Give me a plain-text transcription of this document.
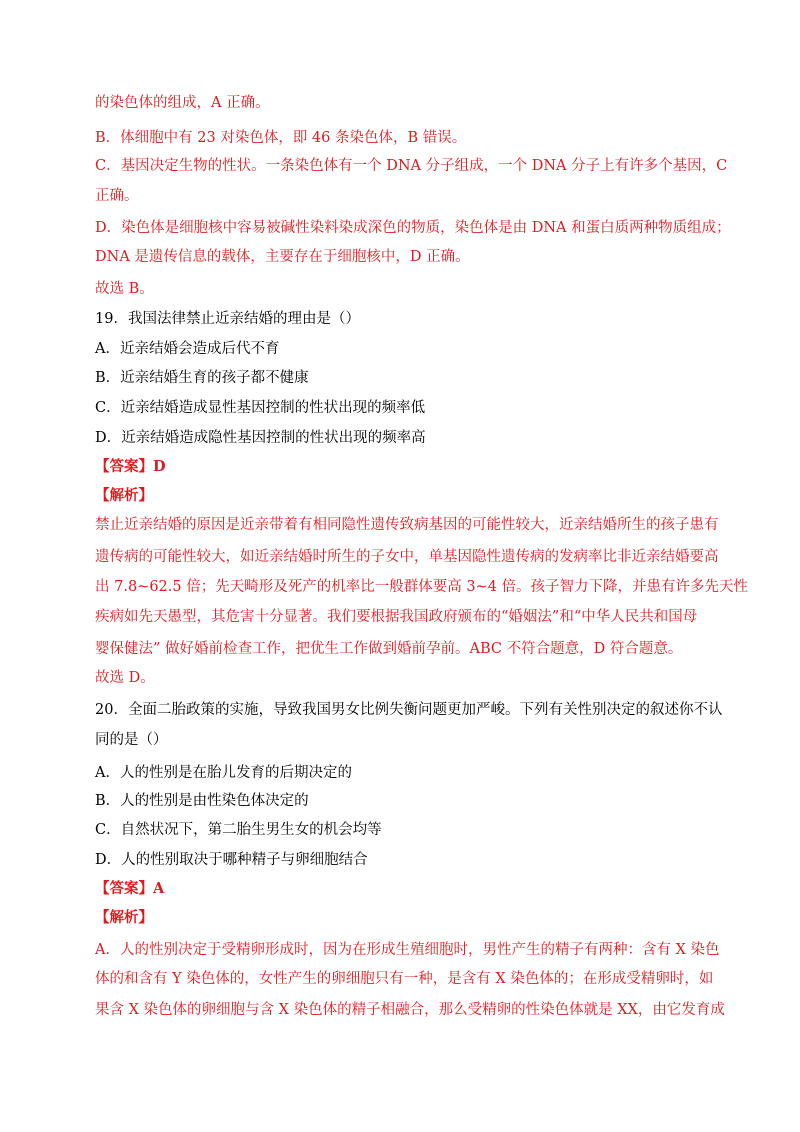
的染色体的组成，A 正确。
B．体细胞中有 23 对染色体，即 46 条染色体，B 错误。
C．基因决定生物的性状。一条染色体有一个 DNA 分子组成，一个 DNA 分子上有许多个基因，C
正确。
D．染色体是细胞核中容易被碱性染料染成深色的物质，染色体是由 DNA 和蛋白质两种物质组成；
DNA 是遗传信息的载体，主要存在于细胞核中，D 正确。
故选 B。
19．我国法律禁止近亲结婚的理由是（）
A．近亲结婚会造成后代不育
B．近亲结婚生育的孩子都不健康
C．近亲结婚造成显性基因控制的性状出现的频率低
D．近亲结婚造成隐性基因控制的性状出现的频率高
【答案】D
【解析】
禁止近亲结婚的原因是近亲带着有相同隐性遗传致病基因的可能性较大，近亲结婚所生的孩子患有
遗传病的可能性较大，如近亲结婚时所生的子女中，单基因隐性遗传病的发病率比非近亲结婚要高
出 7.8~62.5 倍；先天畸形及死产的机率比一般群体要高 3~4 倍。孩子智力下降，并患有许多先天性
疾病如先天愚型，其危害十分显著。我们要根据我国政府颁布的“婚姻法”和“中华人民共和国母
婴保健法” 做好婚前检查工作，把优生工作做到婚前孕前。ABC 不符合题意，D 符合题意。
故选 D。
20．全面二胎政策的实施，导致我国男女比例失衡问题更加严峻。下列有关性别决定的叙述你不认
同的是（）
A．人的性别是在胎儿发育的后期决定的
B．人的性别是由性染色体决定的
C．自然状况下，第二胎生男生女的机会均等
D．人的性别取决于哪种精子与卵细胞结合
【答案】A
【解析】
A．人的性别决定于受精卵形成时，因为在形成生殖细胞时，男性产生的精子有两种：含有 X 染色
体的和含有 Y 染色体的，女性产生的卵细胞只有一种，是含有 X 染色体的；在形成受精卵时，如
果含 X 染色体的卵细胞与含 X 染色体的精子相融合，那么受精卵的性染色体就是 XX，由它发育成
